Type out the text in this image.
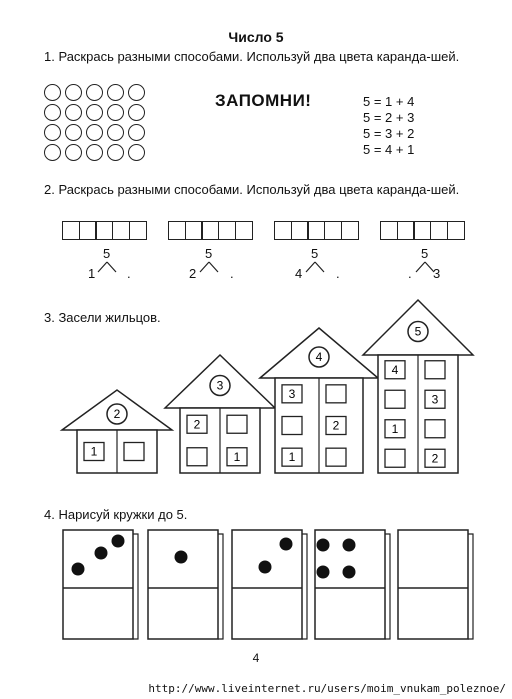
Число 5
1. Раскрась разными способами. Используй два цвета каранда-шей.
ЗАПОМНИ!	5 = 1 + 4
5 = 2 + 3
5 = 3 + 2
5 = 4 + 1
2. Раскрась разными способами. Используй два цвета каранда-шей.
5
1 .
5
2	.
5
4	.
5
. 3
3. Засели жильцов.
4. Нарисуй кружки до 5.
2
1
3
2
1
4
3
2
1
5
4
3
1
2
4
http://www.liveinternet.ru/users/moim_vnukam_poleznoe/
